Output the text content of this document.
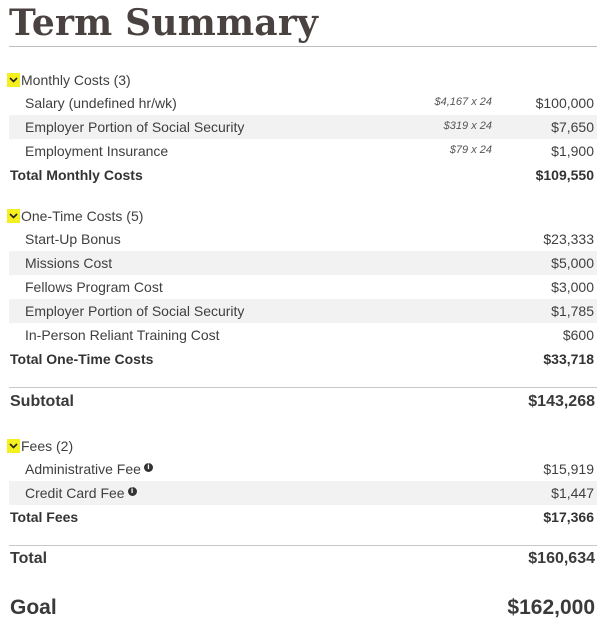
Term Summary
Monthly Costs (3)
Salary (undefined hr/wk)	$4,167 x 24	$100,000
Employer Portion of Social Security	$319 x 24	$7,650
Employment Insurance	$79 x 24	$1,900
Total Monthly Costs	$109,550
One-Time Costs (5)
Start-Up Bonus	$23,333
Missions Cost	$5,000
Fellows Program Cost	$3,000
Employer Portion of Social Security	$1,785
In-Person Reliant Training Cost	$600
Total One-Time Costs	$33,718
Subtotal	$143,268
Fees (2)
Administrative Fee i	$15,919
Credit Card Fee i	$1,447
Total Fees	$17,366
Total	$160,634
Goal	$162,000
